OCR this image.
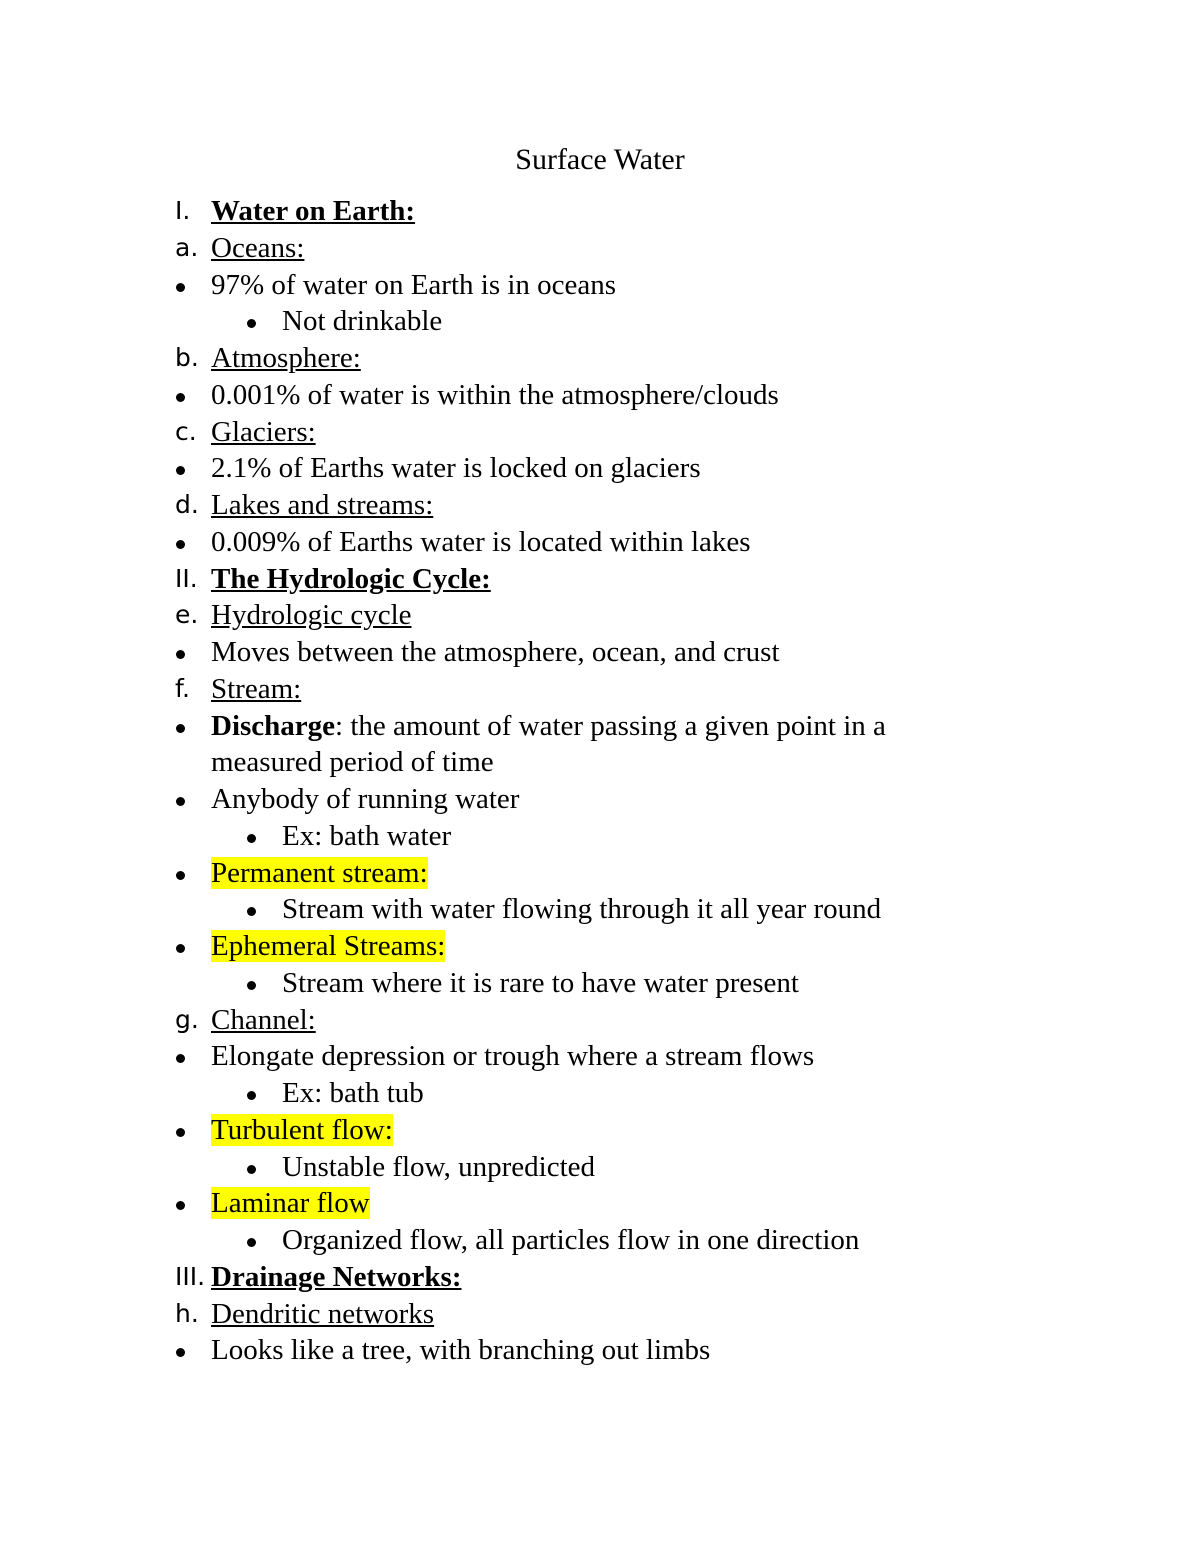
Surface Water
I. Water on Earth:
a. Oceans:
97% of water on Earth is in oceans
Not drinkable
b. Atmosphere:
0.001% of water is within the atmosphere/clouds
c. Glaciers:
2.1% of Earths water is locked on glaciers
d. Lakes and streams:
0.009% of Earths water is located within lakes
II. The Hydrologic Cycle:
e. Hydrologic cycle
Moves between the atmosphere, ocean, and crust
f. Stream:
Discharge: the amount of water passing a given point in a measured period of time
Anybody of running water
Ex: bath water
Permanent stream:
Stream with water flowing through it all year round
Ephemeral Streams:
Stream where it is rare to have water present
g. Channel:
Elongate depression or trough where a stream flows
Ex: bath tub
Turbulent flow:
Unstable flow, unpredicted
Laminar flow
Organized flow, all particles flow in one direction
III. Drainage Networks:
h. Dendritic networks
Looks like a tree, with branching out limbs
